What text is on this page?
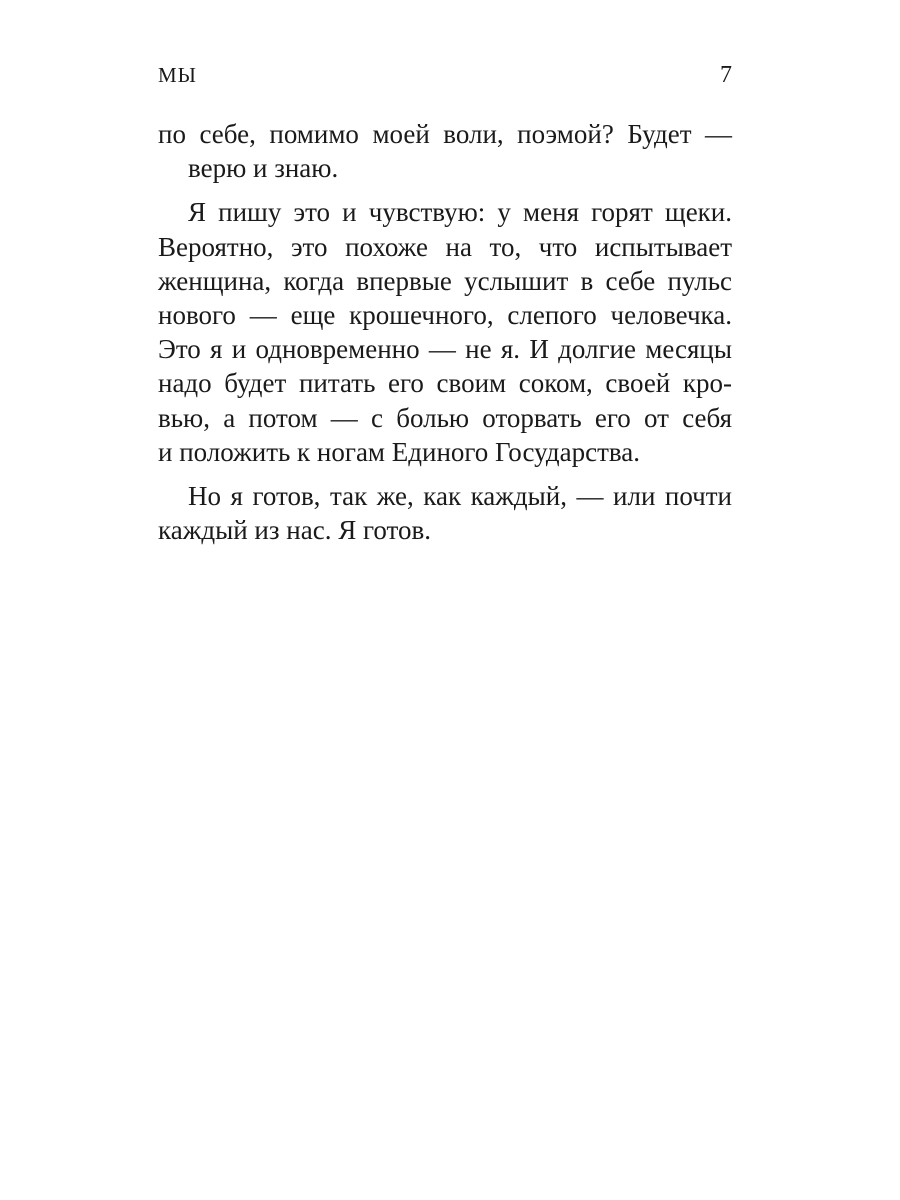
МЫ	7
по себе, помимо моей воли, поэмой? Будет —
верю и знаю.
Я пишу это и чувствую: у меня горят щеки.
Вероятно, это похоже на то, что испытывает
женщина, когда впервые услышит в себе пульс
нового — еще крошечного, слепого человечка.
Это я и одновременно — не я. И долгие месяцы
надо будет питать его своим соком, своей кро-
вью, а потом — с болью оторвать его от себя
и положить к ногам Единого Государства.
Но я готов, так же, как каждый, — или почти
каждый из нас. Я готов.
